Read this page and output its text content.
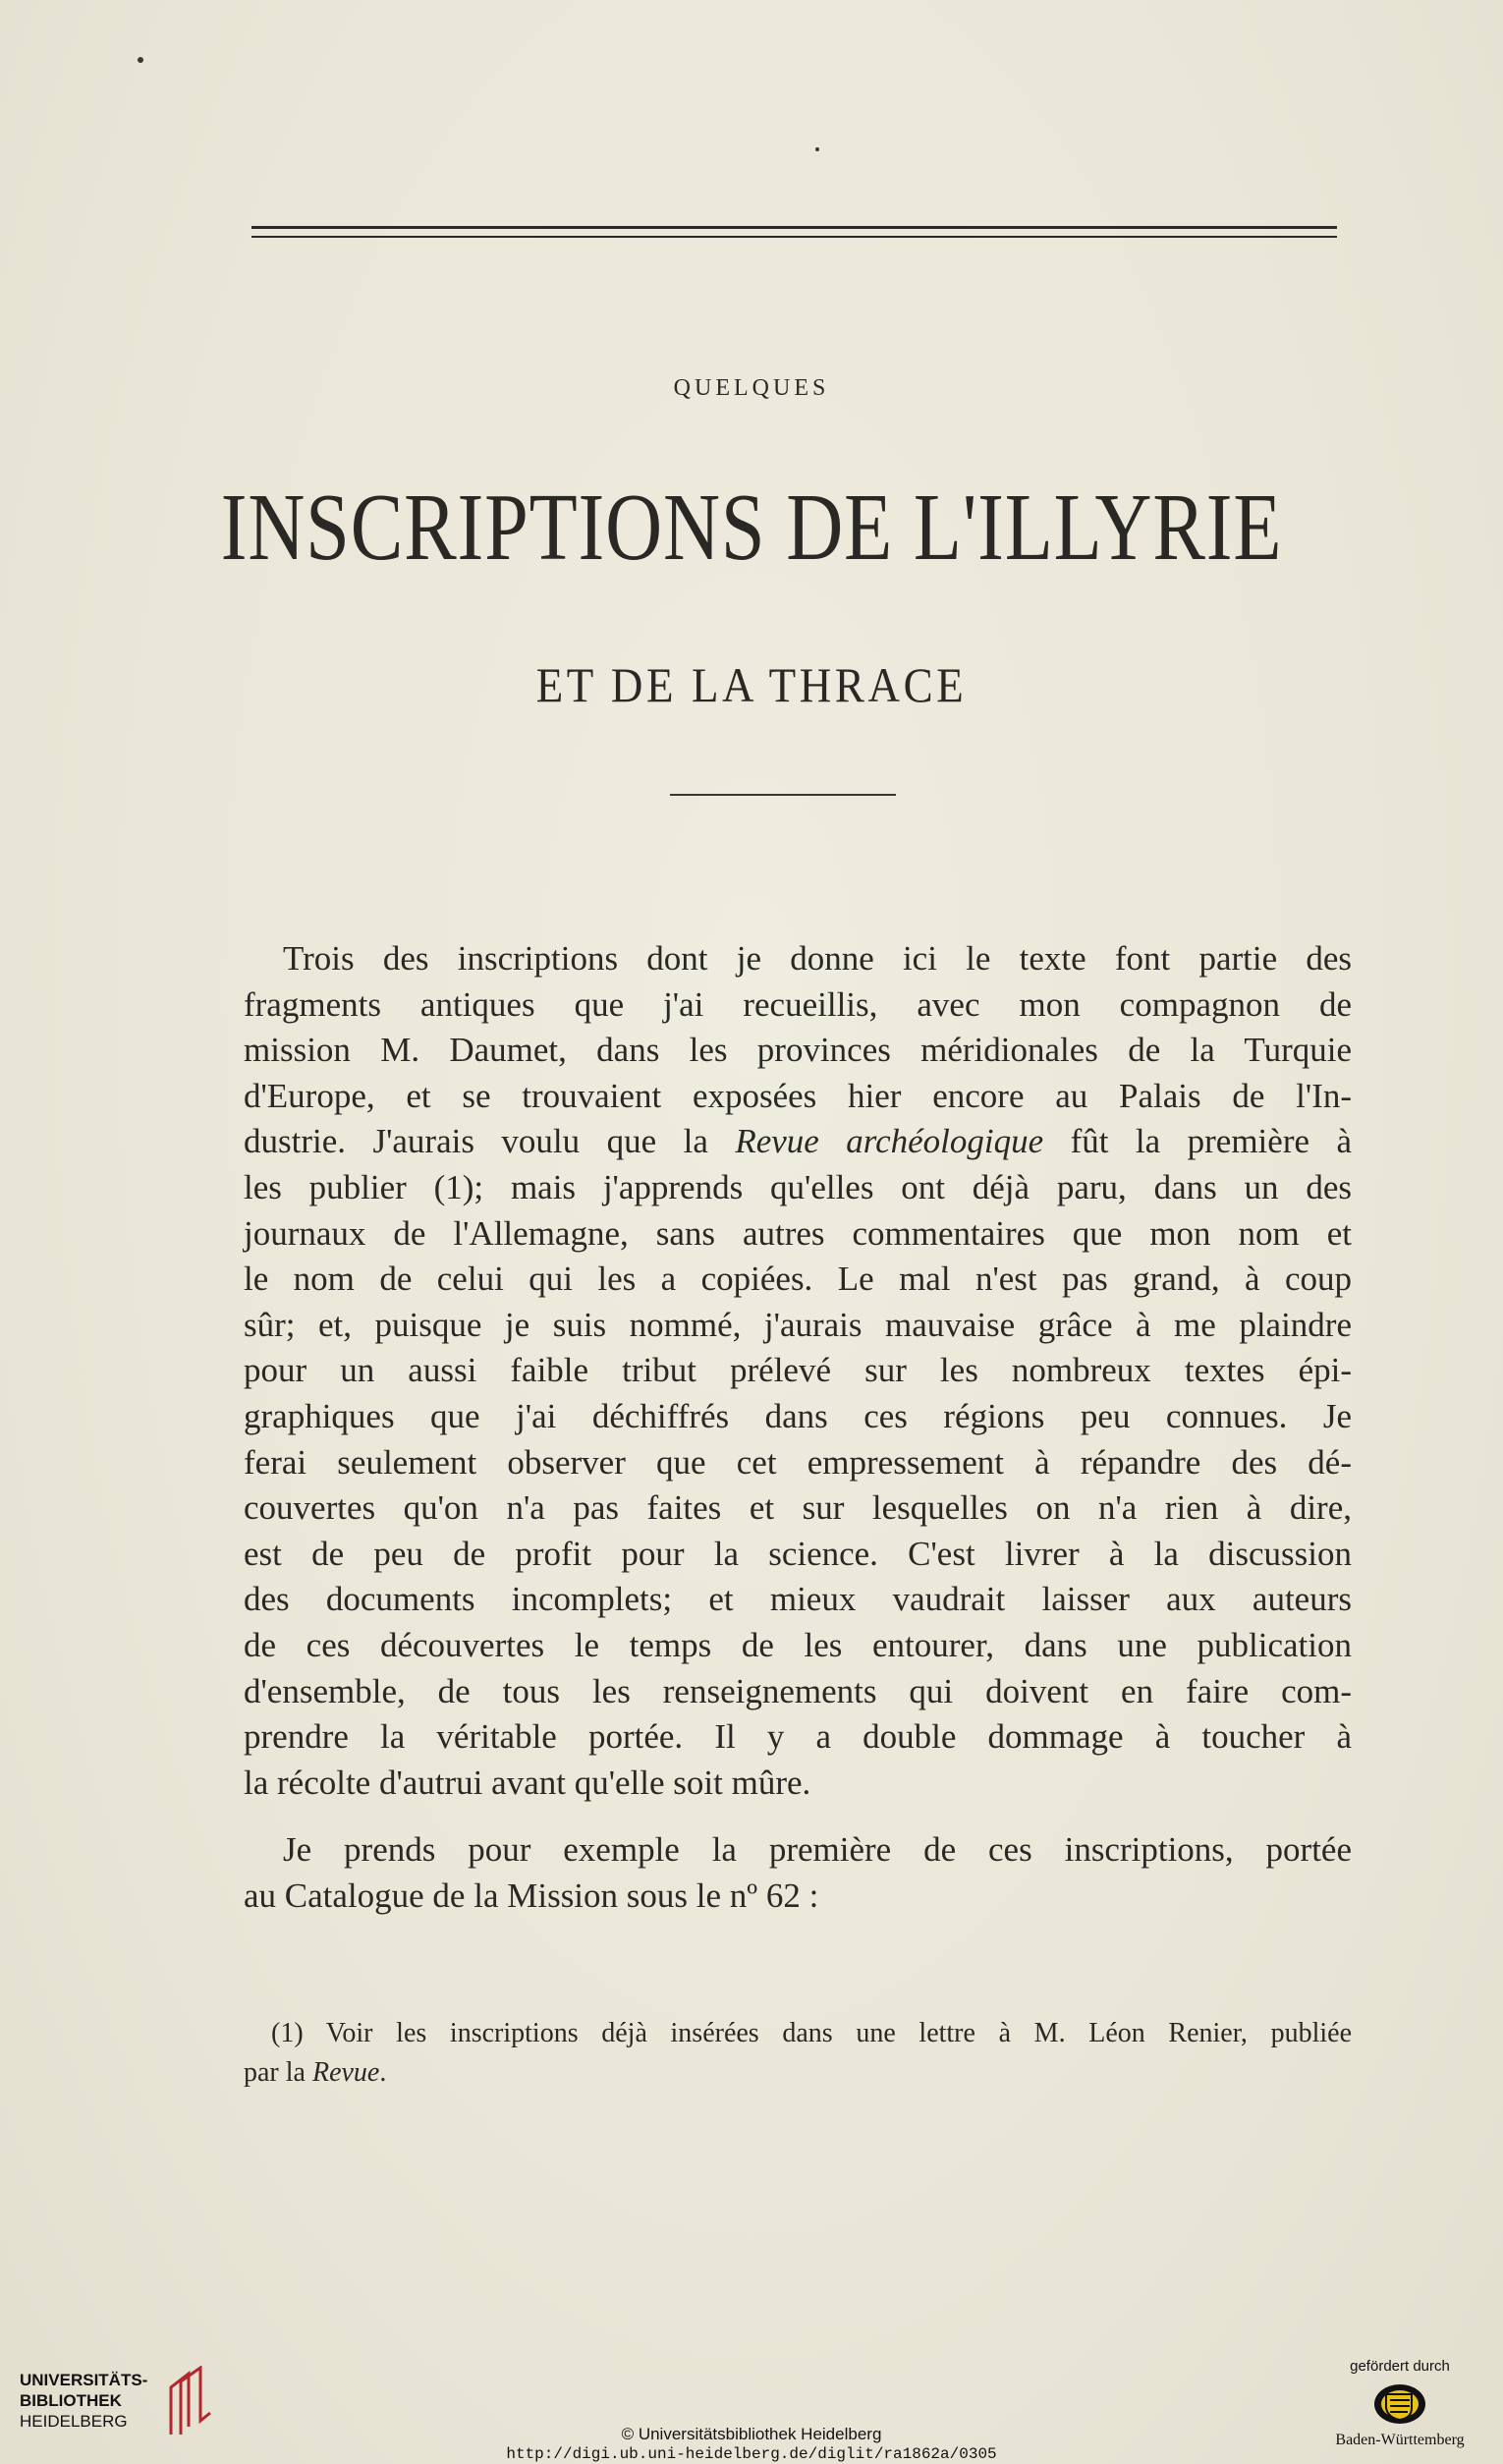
QUELQUES
INSCRIPTIONS DE L'ILLYRIE
ET DE LA THRACE

Trois des inscriptions dont je donne ici le texte font partie des
fragments antiques que j'ai recueillis, avec mon compagnon de
mission M. Daumet, dans les provinces méridionales de la Turquie
d'Europe, et se trouvaient exposées hier encore au Palais de l'In-
dustrie. J'aurais voulu que la Revue archéologique fût la première à
les publier (1); mais j'apprends qu'elles ont déjà paru, dans un des
journaux de l'Allemagne, sans autres commentaires que mon nom et
le nom de celui qui les a copiées. Le mal n'est pas grand, à coup
sûr; et, puisque je suis nommé, j'aurais mauvaise grâce à me plaindre
pour un aussi faible tribut prélevé sur les nombreux textes épi-
graphiques que j'ai déchiffrés dans ces régions peu connues. Je
ferai seulement observer que cet empressement à répandre des dé-
couvertes qu'on n'a pas faites et sur lesquelles on n'a rien à dire,
est de peu de profit pour la science. C'est livrer à la discussion
des documents incomplets; et mieux vaudrait laisser aux auteurs
de ces découvertes le temps de les entourer, dans une publication
d'ensemble, de tous les renseignements qui doivent en faire com-
prendre la véritable portée. Il y a double dommage à toucher à
la récolte d'autrui avant qu'elle soit mûre.

Je prends pour exemple la première de ces inscriptions, portée
au Catalogue de la Mission sous le nº 62 :

(1) Voir les inscriptions déjà insérées dans une lettre à M. Léon Renier, publiée
par la Revue.
UNIVERSITÄTS-
BIBLIOTHEK
HEIDELBERG
© Universitätsbibliothek Heidelberg
http://digi.ub.uni-heidelberg.de/diglit/ra1862a/0305
gefördert durch
Baden-Württemberg
